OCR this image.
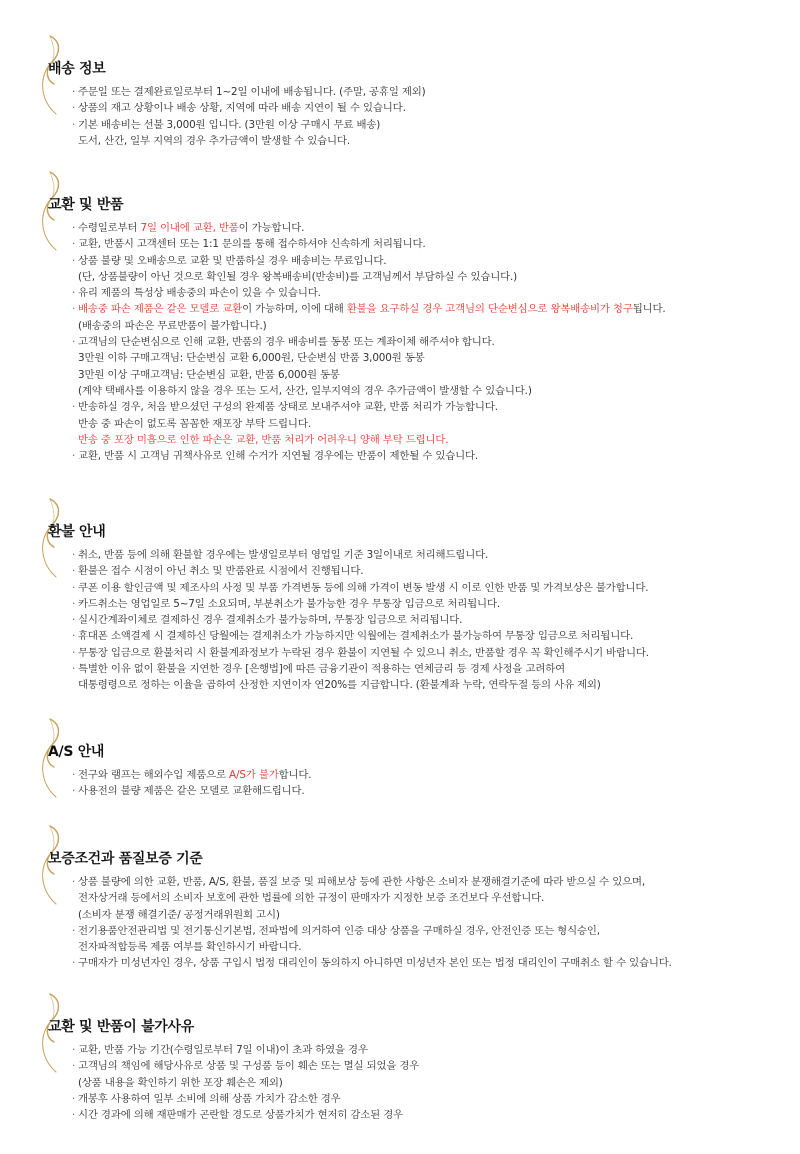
배송 정보
· 주문일 또는 결제완료일로부터 1~2일 이내에 배송됩니다. (주말, 공휴일 제외)
· 상품의 재고 상황이나 배송 상황, 지역에 따라 배송 지연이 될 수 있습니다.
· 기본 배송비는 선불 3,000원 입니다. (3만원 이상 구매시 무료 배송)
도서, 산간, 일부 지역의 경우 추가금액이 발생할 수 있습니다.
교환 및 반품
· 수령일로부터 7일 이내에 교환, 반품이 가능합니다.
· 교환, 반품시 고객센터 또는 1:1 문의를 통해 접수하셔야 신속하게 처리됩니다.
· 상품 불량 및 오배송으로 교환 및 반품하실 경우 배송비는 무료입니다.
(단, 상품불량이 아닌 것으로 확인될 경우 왕복배송비(반송비)를 고객님께서 부담하실 수 있습니다.)
· 유리 제품의 특성상 배송중의 파손이 있을 수 있습니다.
· 배송중 파손 제품은 같은 모델로 교환이 가능하며, 이에 대해 환불을 요구하실 경우 고객님의 단순변심으로 왕복배송비가 청구됩니다.
(배송중의 파손은 무료반품이 불가합니다.)
· 고객님의 단순변심으로 인해 교환, 반품의 경우 배송비를 동봉 또는 계좌이체 해주셔야 합니다.
3만원 이하 구매고객님: 단순변심 교환 6,000원, 단순변심 반품 3,000원 동봉
3만원 이상 구매고객님: 단순변심 교환, 반품 6,000원 동봉
(계약 택배사를 이용하지 않을 경우 또는 도서, 산간, 일부지역의 경우 추가금액이 발생할 수 있습니다.)
· 반송하실 경우, 처음 받으셨던 구성의 완제품 상태로 보내주셔야 교환, 반품 처리가 가능합니다.
반송 중 파손이 없도록 꼼꼼한 재포장 부탁 드립니다.
반송 중 포장 미흡으로 인한 파손은 교환, 반품 처리가 어려우니 양해 부탁 드립니다.
· 교환, 반품 시 고객님 귀책사유로 인해 수거가 지연될 경우에는 반품이 제한될 수 있습니다.
환불 안내
· 취소, 반품 등에 의해 환불할 경우에는 발생일로부터 영업일 기준 3일이내로 처리해드립니다.
· 환불은 접수 시점이 아닌 취소 및 반품완료 시점에서 진행됩니다.
· 쿠폰 이용 할인금액 및 제조사의 사정 및 부품 가격변동 등에 의해 가격이 변동 발생 시 이로 인한 반품 및 가격보상은 불가합니다.
· 카드취소는 영업일로 5~7일 소요되며, 부분취소가 불가능한 경우 무통장 입금으로 처리됩니다.
· 실시간계좌이체로 결제하신 경우 결제취소가 불가능하며, 무통장 입금으로 처리됩니다.
· 휴대폰 소액결제 시 결제하신 당월에는 결제취소가 가능하지만 익월에는 결제취소가 불가능하여 무통장 입금으로 처리됩니다.
· 무통장 입금으로 환불처리 시 환불계좌정보가 누락된 경우 환불이 지연될 수 있으니 취소, 반품할 경우 꼭 확인해주시기 바랍니다.
· 특별한 이유 없이 환불을 지연한 경우 [은행법]에 따른 금융기관이 적용하는 연체금리 등 경제 사정을 고려하여
대통령령으로 정하는 이율을 곱하여 산정한 지연이자 연20%를 지급합니다. (환불계좌 누락, 연락두절 등의 사유 제외)
A/S 안내
· 전구와 램프는 해외수입 제품으로 A/S가 불가합니다.
· 사용전의 불량 제품은 같은 모델로 교환해드립니다.
보증조건과 품질보증 기준
· 상품 불량에 의한 교환, 반품, A/S, 환불, 품질 보증 및 피해보상 등에 관한 사항은 소비자 분쟁해결기준에 따라 받으실 수 있으며,
전자상거래 등에서의 소비자 보호에 관한 법률에 의한 규정이 판매자가 지정한 보증 조건보다 우선합니다.
(소비자 분쟁 해결기준/ 공정거래위원회 고시)
· 전기용품안전관리법 및 전기통신기본법, 전파법에 의거하여 인증 대상 상품을 구매하실 경우, 안전인증 또는 형식승인,
전자파적합등록 제품 여부를 확인하시기 바랍니다.
· 구매자가 미성년자인 경우, 상품 구입시 법정 대리인이 동의하지 아니하면 미성년자 본인 또는 법정 대리인이 구매취소 할 수 있습니다.
교환 및 반품이 불가사유
· 교환, 반품 가능 기간(수령일로부터 7일 이내)이 초과 하였을 경우
· 고객님의 책임에 해당사유로 상품 및 구성품 등이 훼손 또는 멸실 되었을 경우
(상품 내용을 확인하기 위한 포장 훼손은 제외)
· 개봉후 사용하여 일부 소비에 의해 상품 가치가 감소한 경우
· 시간 경과에 의해 재판매가 곤란할 경도로 상품가치가 현저히 감소된 경우
